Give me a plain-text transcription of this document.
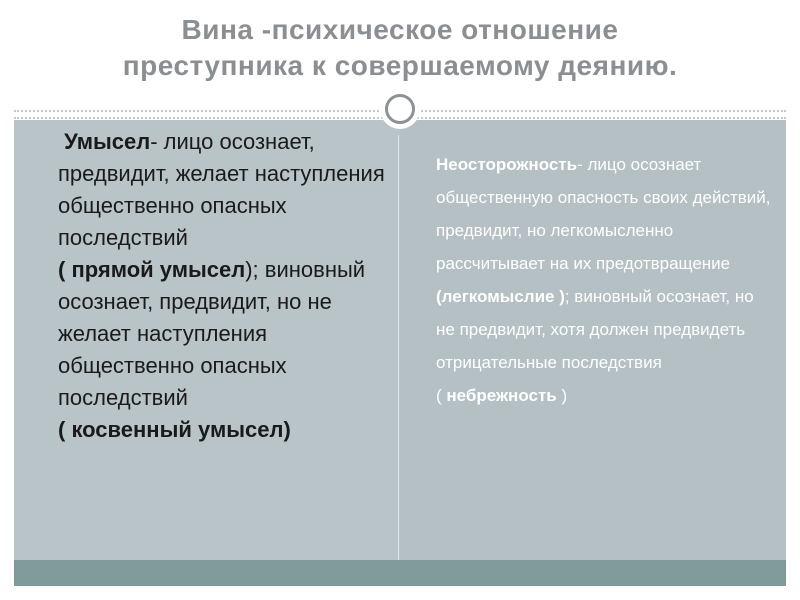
Вина -психическое отношение
преступника к совершаемому деянию.

Умысел- лицо осознает, предвидит, желает наступления общественно опасных последствий
( прямой умысел); виновный осознает, предвидит, но не желает наступления общественно опасных последствий
( косвенный умысел)

Неосторожность- лицо осознает общественную опасность своих действий, предвидит, но легкомысленно рассчитывает на их предотвращение (легкомыслие ); виновный осознает, но не предвидит, хотя должен предвидеть отрицательные последствия
( небрежность )
